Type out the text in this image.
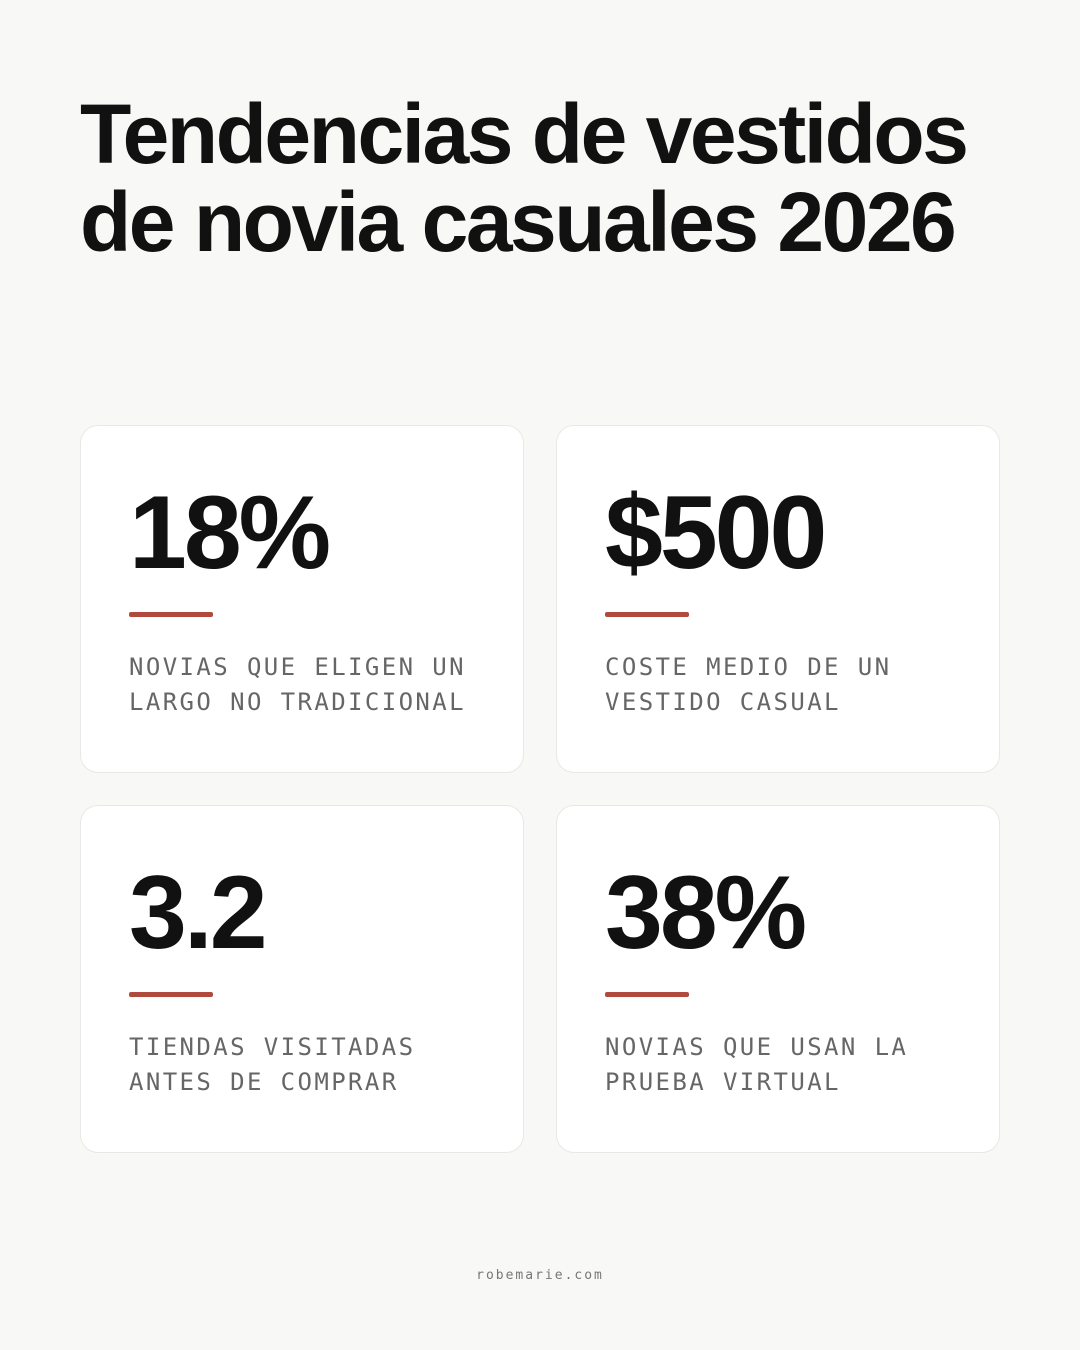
Tendencias de vestidos de novia casuales 2026
18%
NOVIAS QUE ELIGEN UN LARGO NO TRADICIONAL
$500
COSTE MEDIO DE UN VESTIDO CASUAL
3.2
TIENDAS VISITADAS ANTES DE COMPRAR
38%
NOVIAS QUE USAN LA PRUEBA VIRTUAL
robemarie.com
